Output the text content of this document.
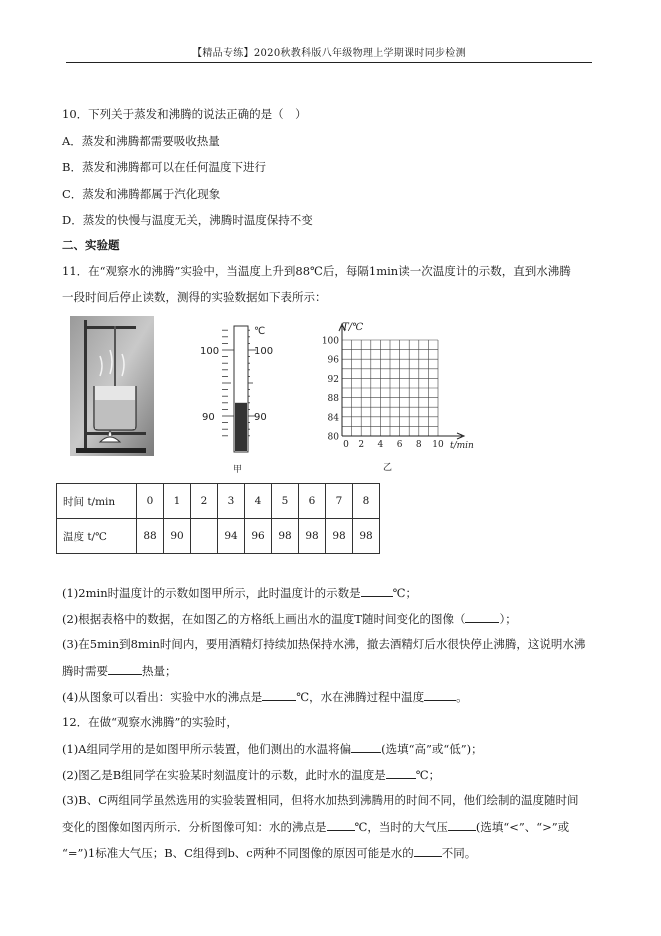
【精品专练】2020秋教科版八年级物理上学期课时同步检测
10．下列关于蒸发和沸腾的说法正确的是（　）
A．蒸发和沸腾都需要吸收热量
B．蒸发和沸腾都可以在任何温度下进行
C．蒸发和沸腾都属于汽化现象
D．蒸发的快慢与温度无关，沸腾时温度保持不变
二、实验题
11．在“观察水的沸腾”实验中，当温度上升到88℃后，每隔1min读一次温度计的示数，直到水沸腾
一段时间后停止读数，测得的实验数据如下表所示：
℃
100	100
90	90
甲
80
84
88
92
96
100
0 2 4 6 8 10
T/℃
t/min
乙
时间 t/min	0	1	2	3	4	5	6	7	8
温度 t/℃	88	90		94	96	98	98	98	98
(1)2min时温度计的示数如图甲所示，此时温度计的示数是	℃；
(2)根据表格中的数据，在如图乙的方格纸上画出水的温度T随时间变化的图像（	）；
(3)在5min到8min时间内，要用酒精灯持续加热保持水沸，撤去酒精灯后水很快停止沸腾，这说明水沸
腾时需要	热量；
(4)从图象可以看出：实验中水的沸点是	℃，水在沸腾过程中温度	。
12．在做“观察水沸腾”的实验时，
(1)A组同学用的是如图甲所示装置，他们测出的水温将偏	(选填“高”或“低”)；
(2)图乙是B组同学在实验某时刻温度计的示数，此时水的温度是	℃；
(3)B、C两组同学虽然选用的实验装置相同，但将水加热到沸腾用的时间不同，他们绘制的温度随时间
变化的图像如图丙所示．分析图像可知：水的沸点是 ℃，当时的大气压 (选填“<”、“>”或
“=”)1标准大气压；B、C组得到b、c两种不同图像的原因可能是水的 不同。
